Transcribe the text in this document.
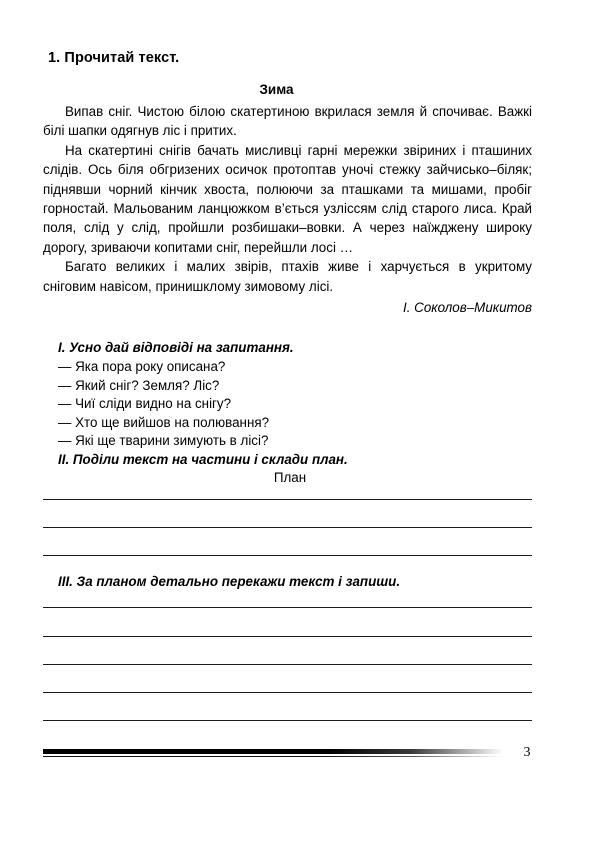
1. Прочитай текст.
Зима

Випав сніг. Чистою білою скатертиною вкрилася земля й спочиває. Важкі білі шапки одягнув ліс і притих.

На скатертині снігів бачать мисливці гарні мережки звіриних і пташиних слідів. Ось біля обгризених осичок протоптав уночі стежку зайчисько–біляк; піднявши чорний кінчик хвоста, полюючи за пташками та мишами, пробіг горностай. Мальованим ланцюжком в’ється узліссям слід старого лиса. Край поля, слід у слід, пройшли розбишаки–вовки. А через наїжджену широку дорогу, зриваючи копитами сніг, перейшли лосі …

Багато великих і малих звірів, птахів живе і харчується в укритому сніговим навісом, принишклому зимовому лісі.

І. Соколов–Микитов
I. Усно дай відповіді на запитання.
— Яка пора року описана?
— Який сніг? Земля? Ліс?
— Чиї сліди видно на снігу?
— Хто ще вийшов на полювання?
— Які ще тварини зимують в лісі?
II. Поділи текст на частини і склади план.
План
III. За планом детально перекажи текст і запиши.
3
